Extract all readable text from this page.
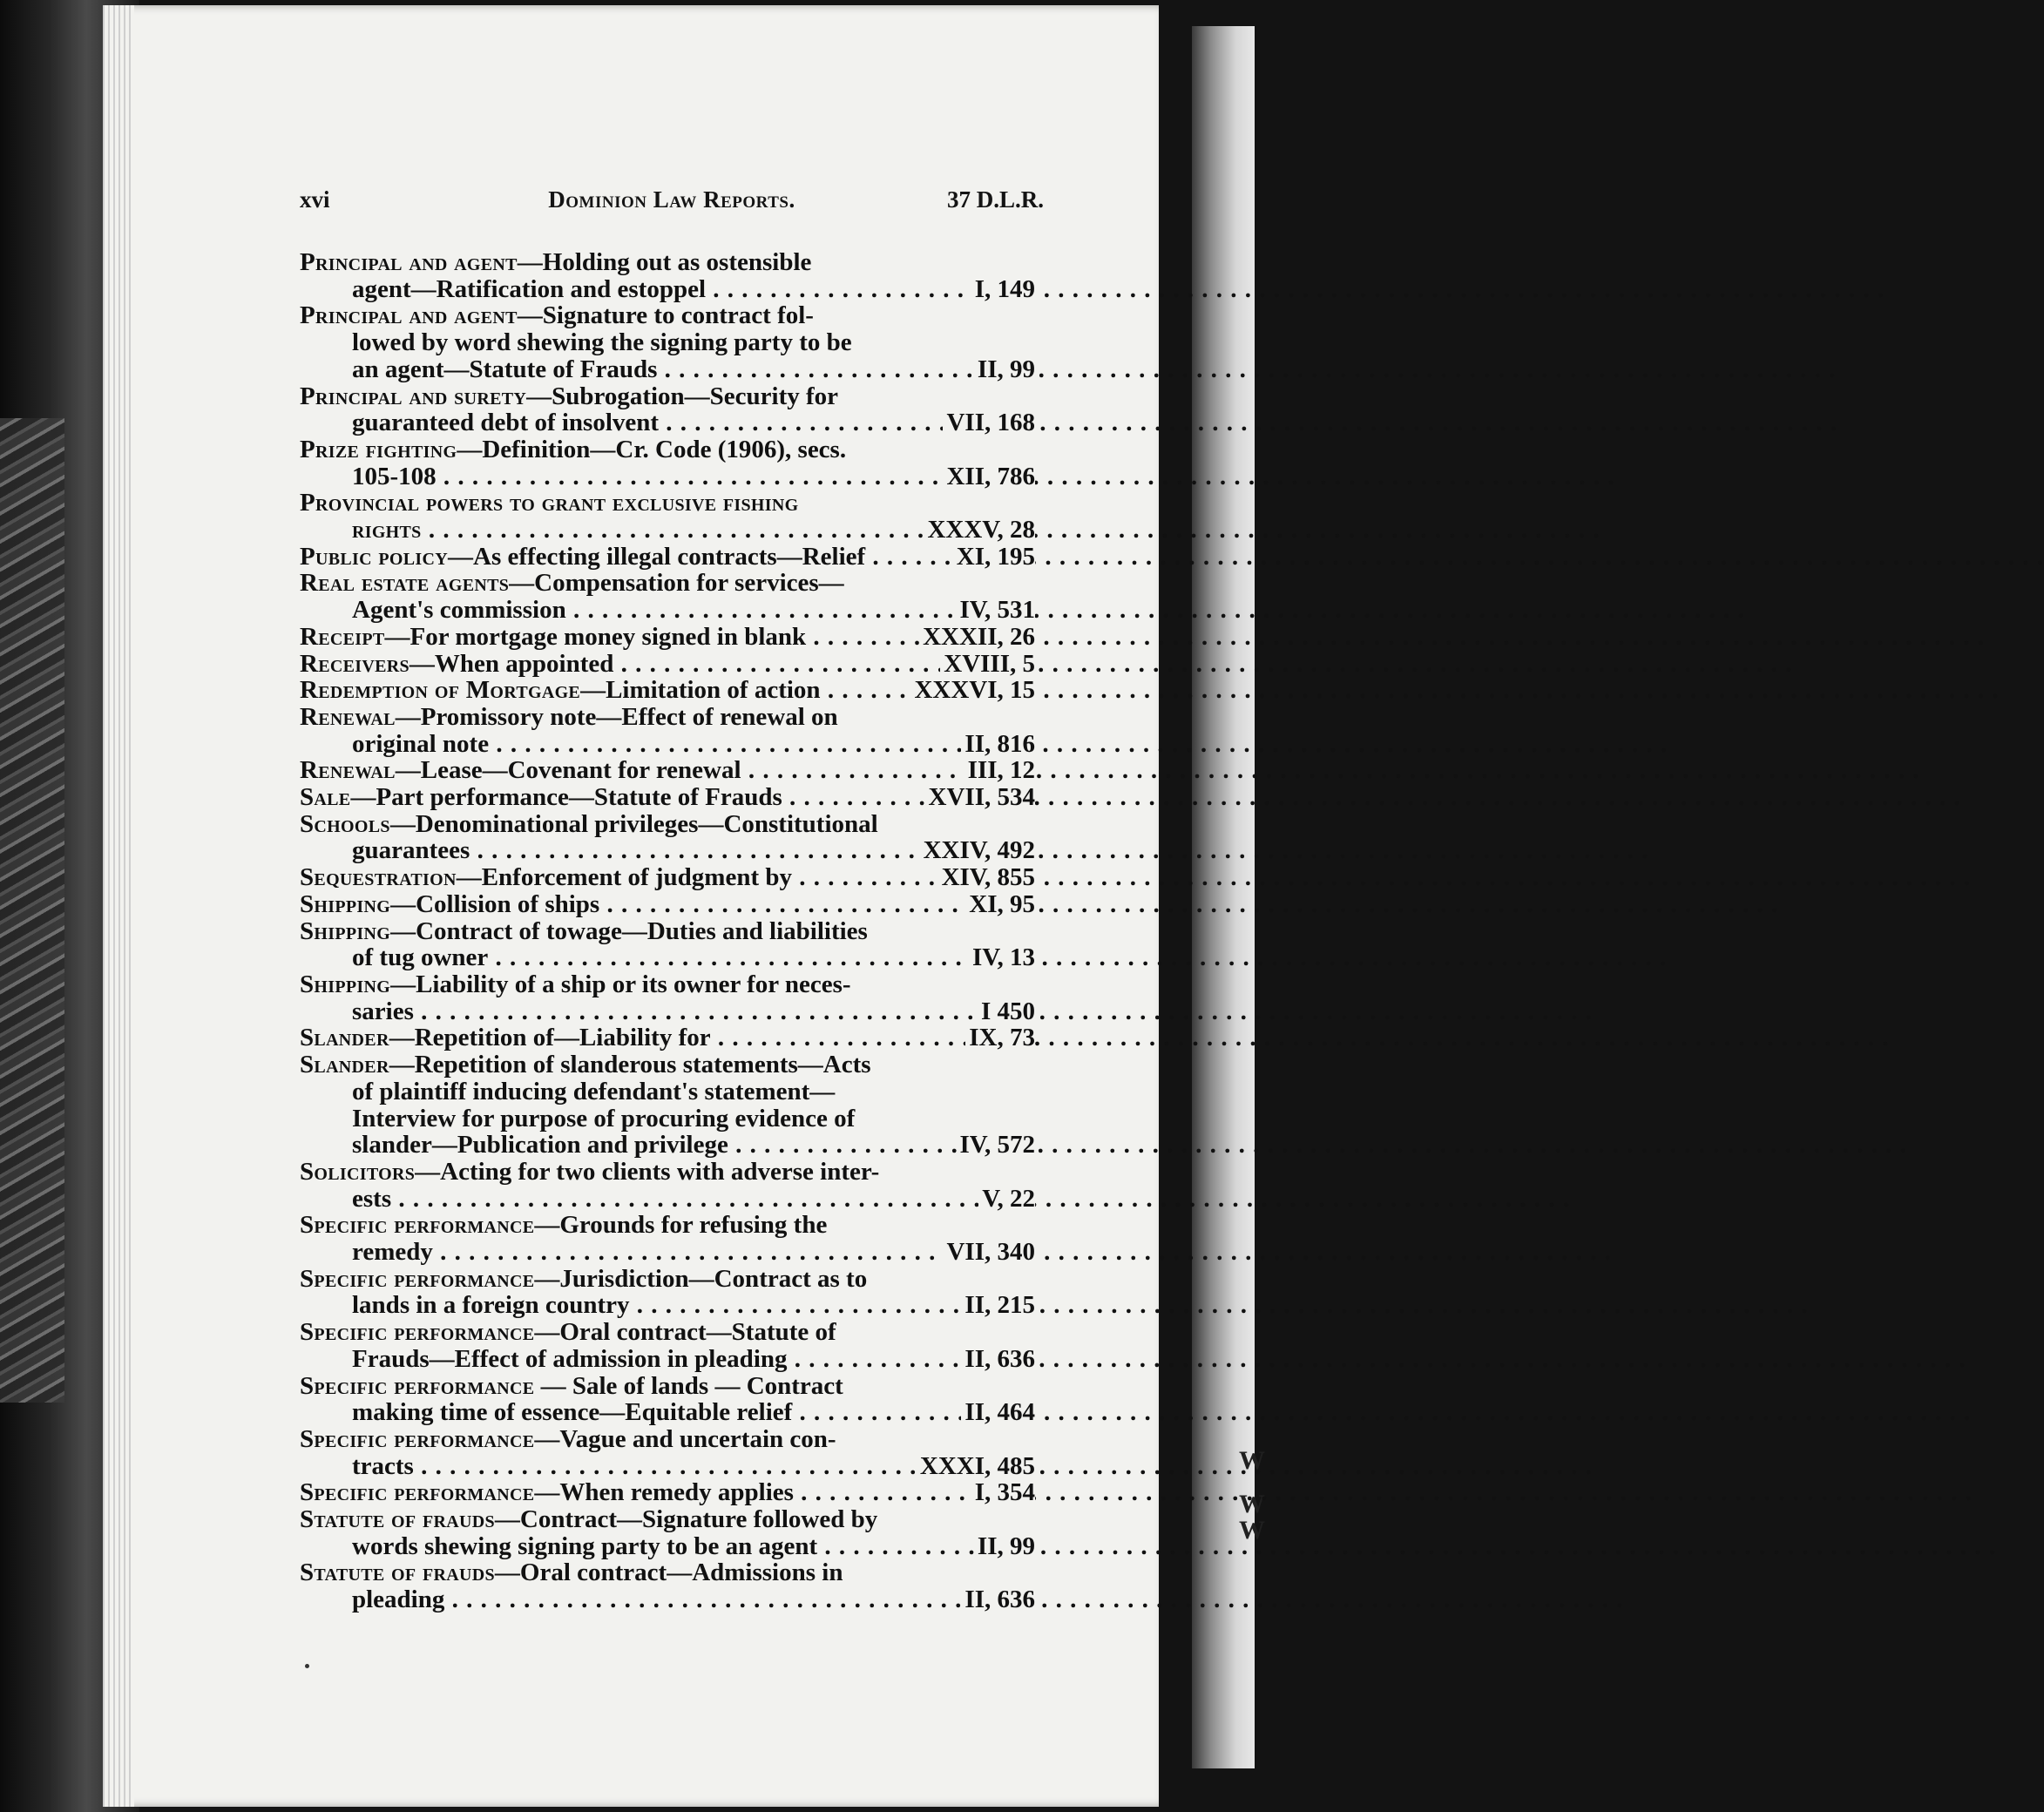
W
W
W
xvi	Dominion Law Reports.	37 D.L.R.
Principal and agent—Holding out as ostensible
agent—Ratification and estoppel . . .	I, 149
Principal and agent—Signature to contract fol-
lowed by word shewing the signing party to be
an agent—Statute of Frauds . . .	II, 99
Principal and surety—Subrogation—Security for
guaranteed debt of insolvent . . .	VII, 168
Prize fighting—Definition—Cr. Code (1906), secs.
105-108 . . .	XII, 786
Provincial powers to grant exclusive fishing
rights . . .	XXXV, 28
Public policy—As effecting illegal contracts—Relief . . .	XI, 195
Real estate agents—Compensation for services—
Agent's commission . . .	IV, 531
Receipt—For mortgage money signed in blank . . .	XXXII, 26
Receivers—When appointed . . .	XVIII, 5
Redemption of Mortgage—Limitation of action . . .	XXXVI, 15
Renewal—Promissory note—Effect of renewal on
original note . . .	II, 816
Renewal—Lease—Covenant for renewal . . .	III, 12
Sale—Part performance—Statute of Frauds . . .	XVII, 534
Schools—Denominational privileges—Constitutional
guarantees . . .	XXIV, 492
Sequestration—Enforcement of judgment by . . .	XIV, 855
Shipping—Collision of ships . . .	XI, 95
Shipping—Contract of towage—Duties and liabilities
of tug owner . . .	IV, 13
Shipping—Liability of a ship or its owner for neces-
saries . . .	I 450
Slander—Repetition of—Liability for . . .	IX, 73
Slander—Repetition of slanderous statements—Acts
of plaintiff inducing defendant's statement—
Interview for purpose of procuring evidence of
slander—Publication and privilege . . .	IV, 572
Solicitors—Acting for two clients with adverse inter-
ests . . .	V, 22
Specific performance—Grounds for refusing the
remedy . . .	VII, 340
Specific performance—Jurisdiction—Contract as to
lands in a foreign country . . .	II, 215
Specific performance—Oral contract—Statute of
Frauds—Effect of admission in pleading . . .	II, 636
Specific performance — Sale of lands — Contract
making time of essence—Equitable relief . . .	II, 464
Specific performance—Vague and uncertain con-
tracts . . .	XXXI, 485
Specific performance—When remedy applies . . .	I, 354
Statute of frauds—Contract—Signature followed by
words shewing signing party to be an agent . . .	II, 99
Statute of frauds—Oral contract—Admissions in
pleading . . .	II, 636
